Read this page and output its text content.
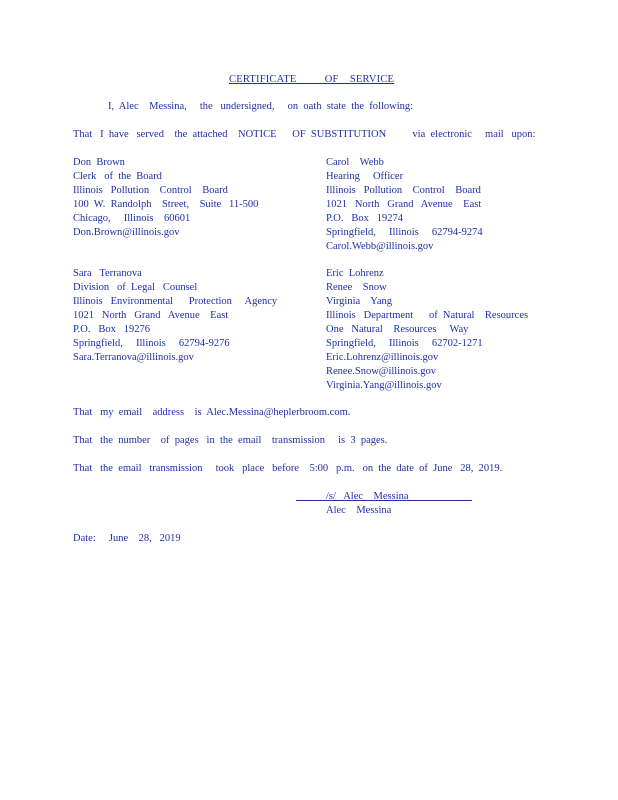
CERTIFICATE          OF    SERVICE
I,  Alec    Messina,     the   undersigned,     on  oath  state  the  following:
That   I  have   served    the  attached    NOTICE      OF  SUBSTITUTION          via  electronic     mail   upon:
Don  Brown
Clerk   of  the  Board
Illinois   Pollution    Control    Board
100  W.  Randolph    Street,    Suite   11-500
Chicago,     Illinois    60601
Don.Brown@illinois.gov
Sara   Terranova
Division   of  Legal   Counsel
Illinois   Environmental      Protection     Agency
1021   North   Grand   Avenue    East
P.O.   Box   19276
Springfield,     Illinois     62794-9276
Sara.Terranova@illinois.gov
Carol    Webb
Hearing     Officer
Illinois   Pollution    Control    Board
1021   North   Grand   Avenue    East
P.O.   Box   19274
Springfield,     Illinois     62794-9274
Carol.Webb@illinois.gov
Eric  Lohrenz
Renee    Snow
Virginia    Yang
Illinois   Department      of  Natural    Resources
One   Natural    Resources     Way
Springfield,     Illinois     62702-1271
Eric.Lohrenz@illinois.gov
Renee.Snow@illinois.gov
Virginia.Yang@illinois.gov
That   my  email    address    is  Alec.Messina@heplerbroom.com.
That   the  number    of  pages   in  the  email    transmission     is  3  pages.
That   the  email   transmission     took   place   before    5:00   p.m.   on  the  date  of  June   28,  2019.
/s/   Alec    Messina
Alec    Messina
Date:     June    28,   2019
